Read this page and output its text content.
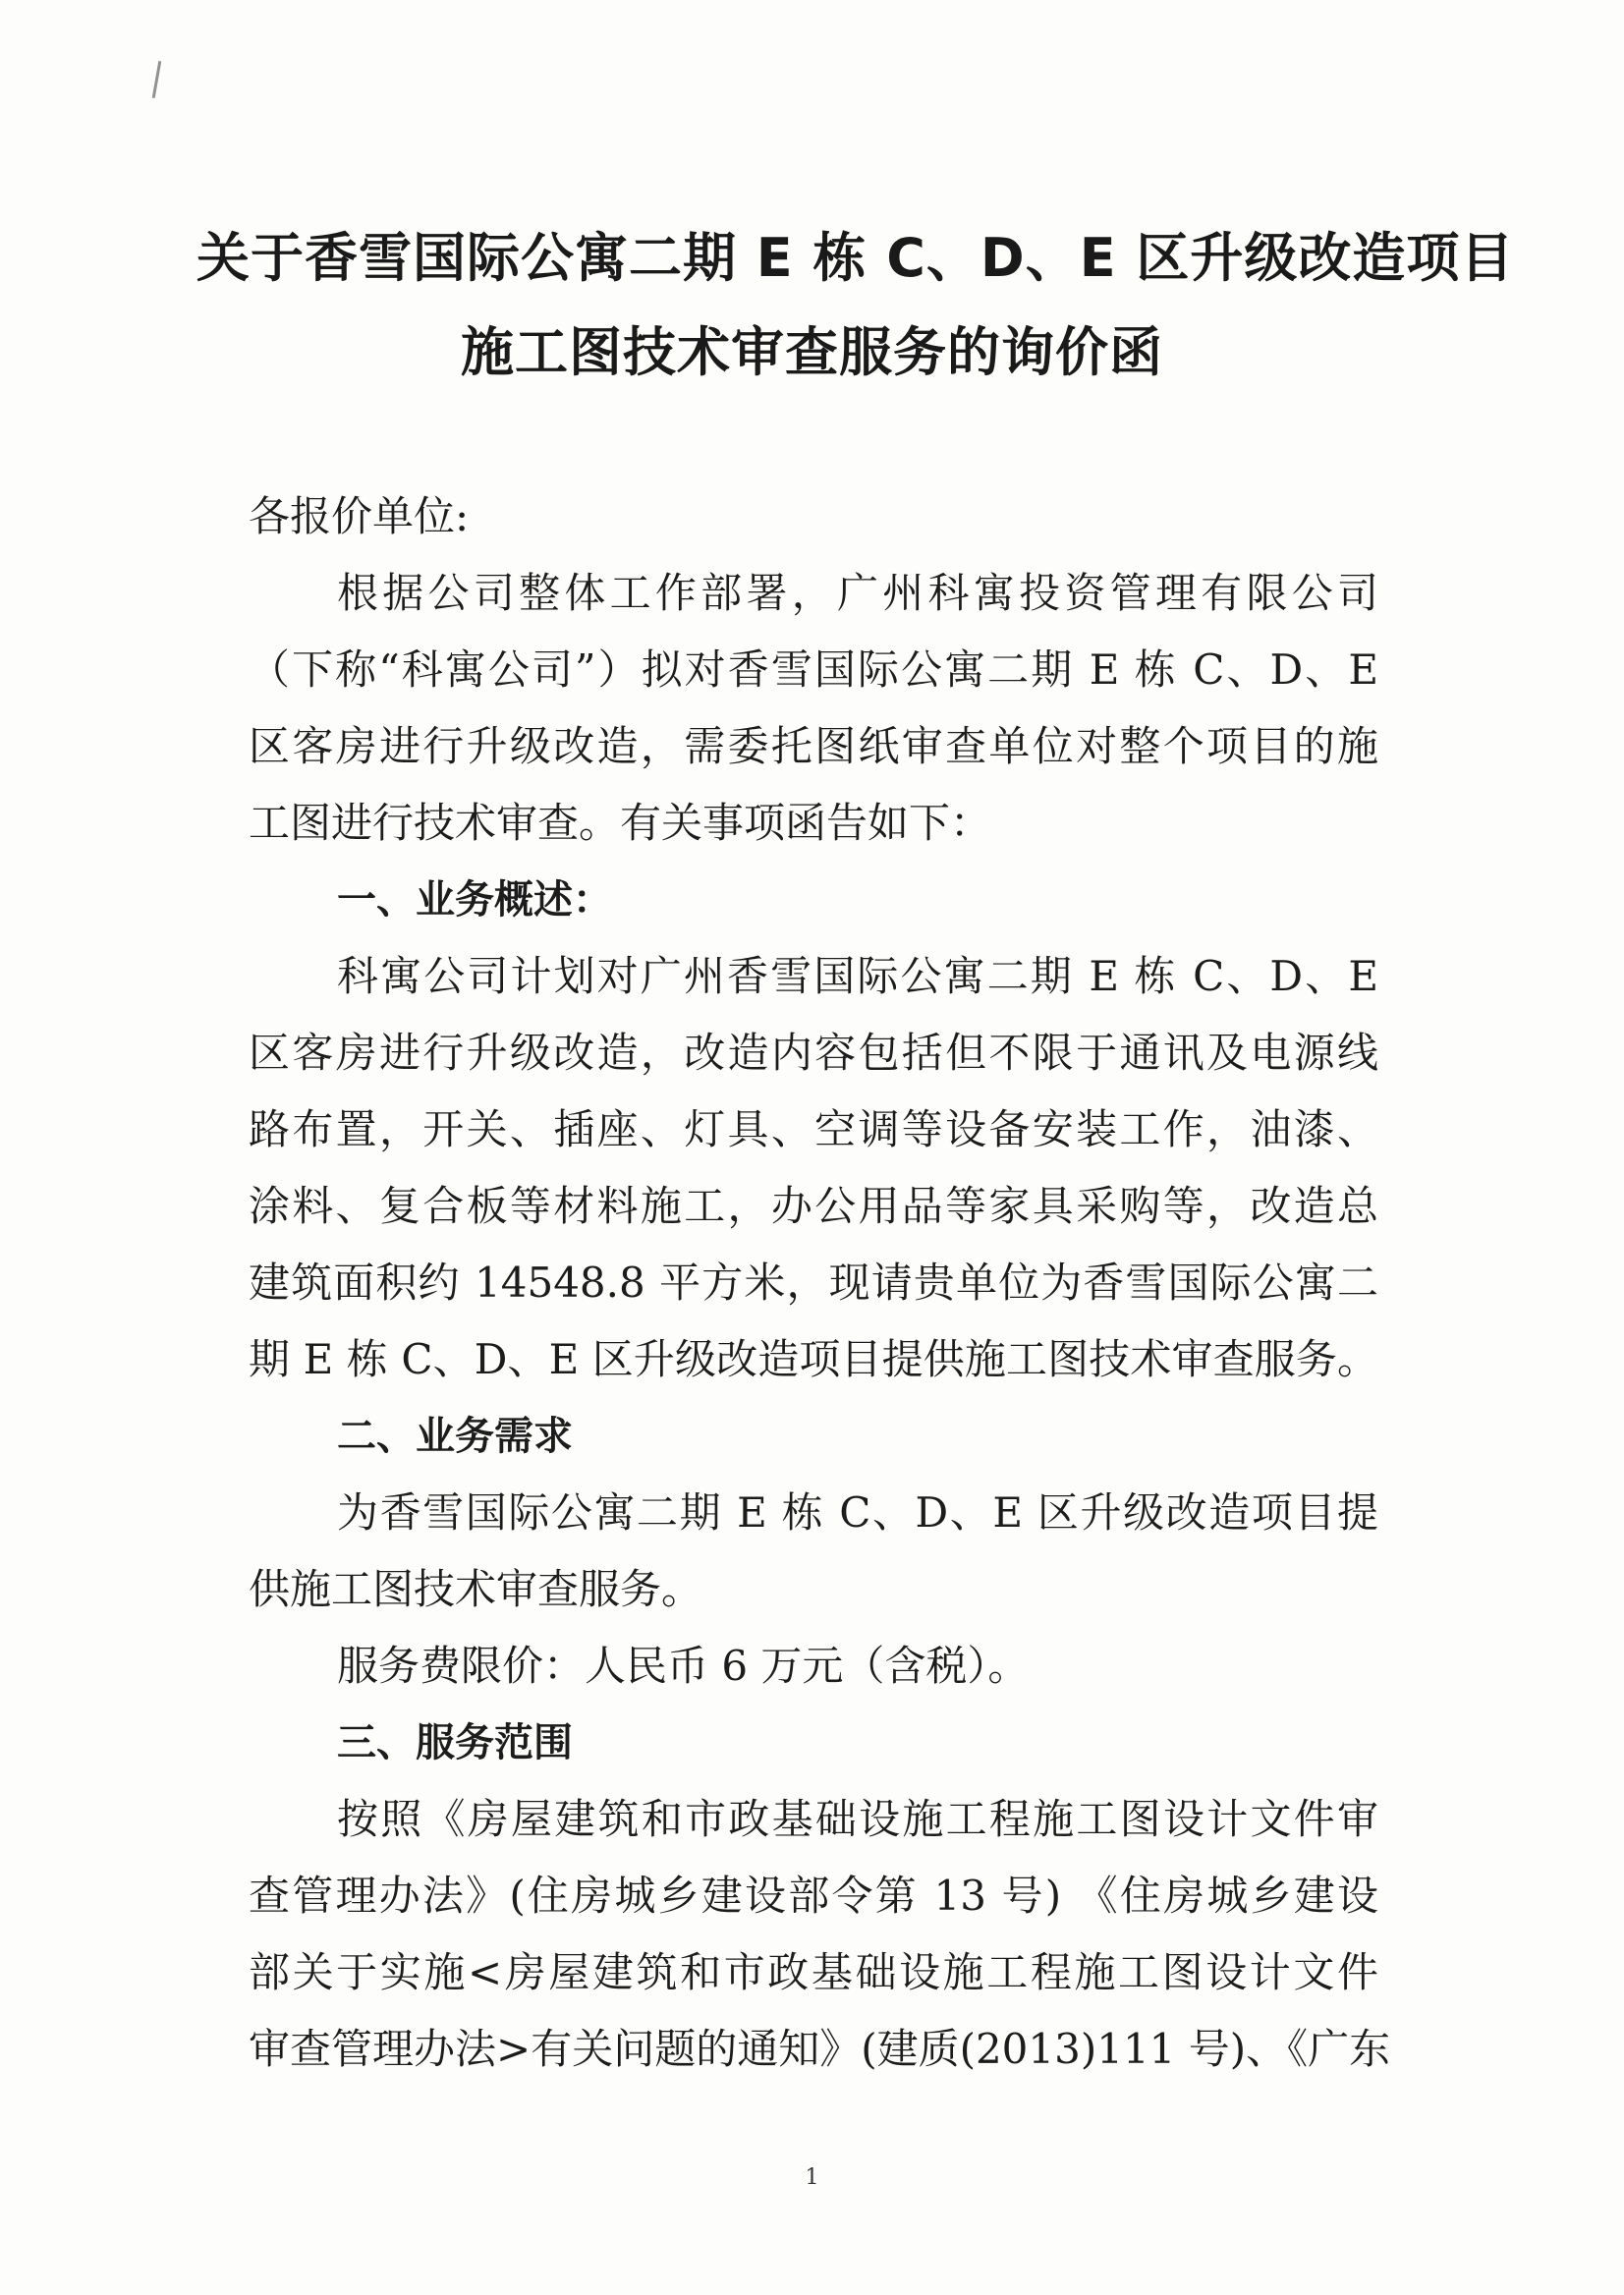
关于香雪国际公寓二期 E 栋 C、D、E 区升级改造项目
施工图技术审查服务的询价函
各报价单位:
根据公司整体工作部署，广州科寓投资管理有限公司
（下称“科寓公司”）拟对香雪国际公寓二期 E 栋 C、D、E
区客房进行升级改造，需委托图纸审查单位对整个项目的施
工图进行技术审查。有关事项函告如下：
一、业务概述：
科寓公司计划对广州香雪国际公寓二期 E 栋 C、D、E
区客房进行升级改造，改造内容包括但不限于通讯及电源线
路布置，开关、插座、灯具、空调等设备安装工作，油漆、
涂料、复合板等材料施工，办公用品等家具采购等，改造总
建筑面积约 14548.8 平方米，现请贵单位为香雪国际公寓二
期 E 栋 C、D、E 区升级改造项目提供施工图技术审查服务。
二、业务需求
为香雪国际公寓二期 E 栋 C、D、E 区升级改造项目提
供施工图技术审查服务。
服务费限价：人民币 6 万元（含税）。
三、服务范围
按照《房屋建筑和市政基础设施工程施工图设计文件审
查管理办法》(住房城乡建设部令第 13 号) 《住房城乡建设
部关于实施<房屋建筑和市政基础设施工程施工图设计文件
审查管理办法>有关问题的通知》(建质(2013)111 号)、《广东
1
